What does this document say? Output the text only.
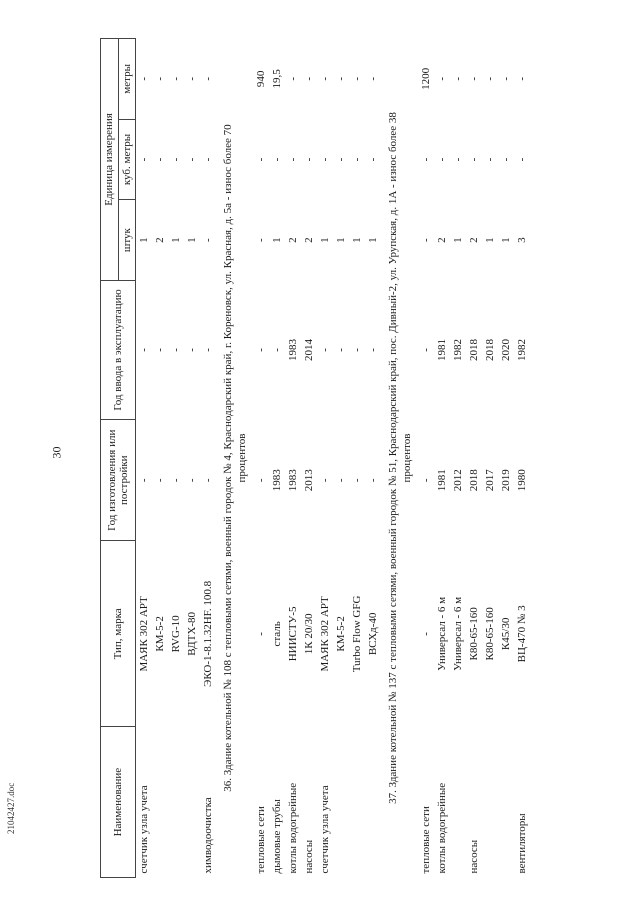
30
21042427.doc	Наименование	Тип, марка	Год изготовления или постройки	Год ввода в эксплуатацию	Единица измерения		
				штук	куб. метры	метры
счетчик узла учета	МАЯК 302 АРТ	-	-	1	-	-
	КМ-5-2	-	-	2	-	-
	RVG-10	-	-	1	-	-
	ВДТХ-80	-	-	1	-	-
химводоочистка	ЭКО-1-8.1.32HF. 100.8	-	-	-	-	-
36. Здание котельной № 108 с тепловыми сетями, военный городок № 4, Краснодарский край, г. Кореновск, ул. Красная, д. 5а - износ более 70 процентов						
тепловые сети	-	-	-	-	-	940
дымовые трубы	сталь	1983	-	1	-	19,5
котлы водогрейные	НИИСТУ-5	1983	1983	2	-	-
насосы	1К 20/30	2013	2014	2	-	-
счетчик узла учета	МАЯК 302 АРТ	-	-	1	-	-
	КМ-5-2	-	-	1	-	-
	Turbo Flow GFG	-	-	1	-	-
	ВСХд-40	-	-	1	-	-
37. Здание котельной № 137 с тепловыми сетями, военный городок № 51, Краснодарский край, пос. Дивный-2, ул. Урупская, д. 1А - износ более 38 процентов						
тепловые сети	-	-	-	-	-	1200
котлы водогрейные	Универсал - 6 м	1981	1981	2	-	-
	Универсал - 6 м	2012	1982	1	-	-
насосы	К80-65-160	2018	2018	2	-	-
	К80-65-160	2017	2018	1	-	-
	К45/30	2019	2020	1	-	-
вентиляторы	ВЦ-470 № 3	1980	1982	3	-	-
